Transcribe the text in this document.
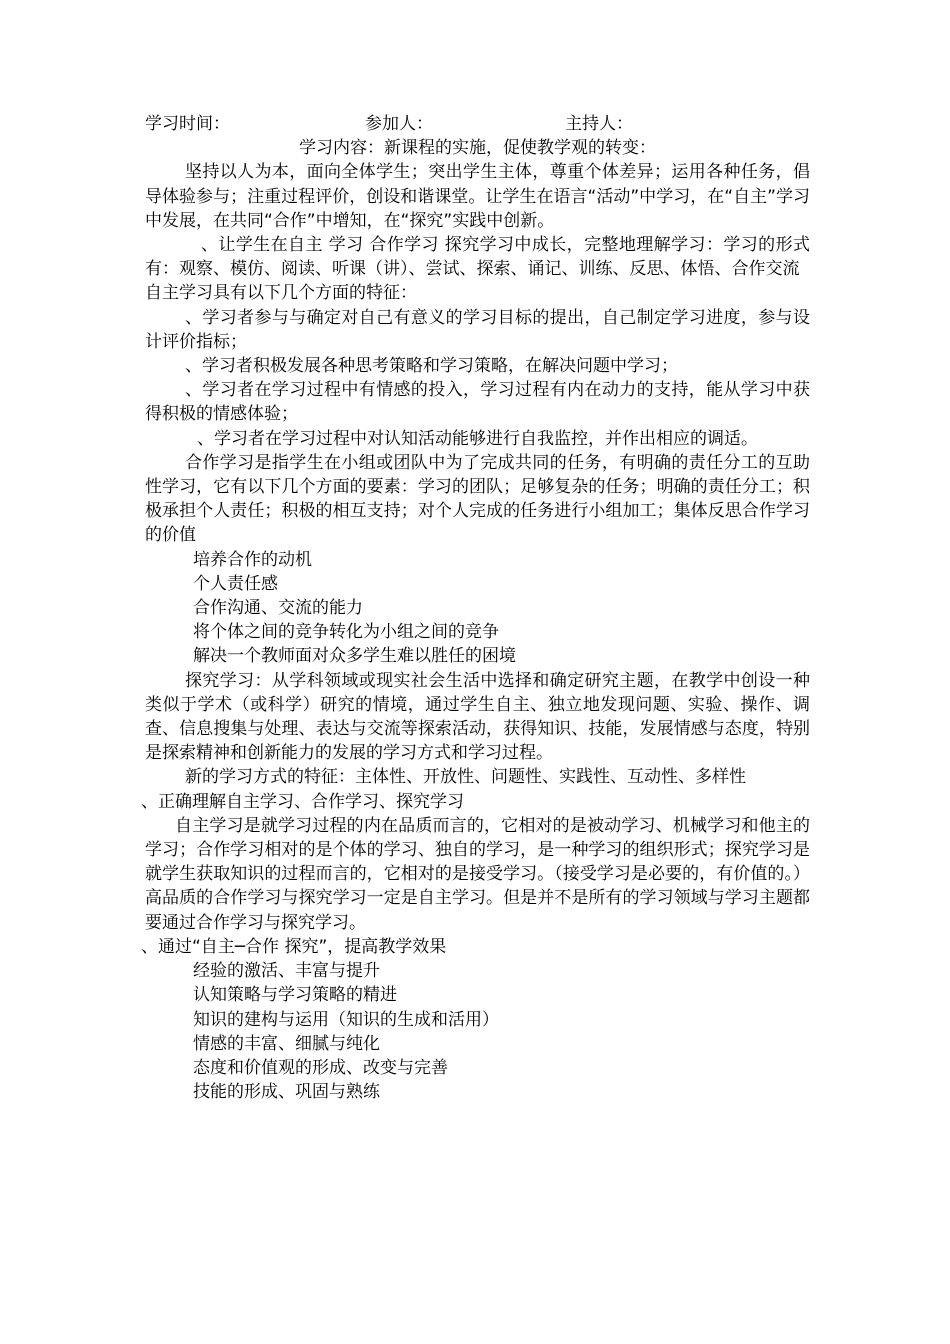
学习时间：	参加人：	主持人：

学习内容：新课程的实施，促使教学观的转变：

坚持以人为本，面向全体学生；突出学生主体，尊重个体差异；运用各种任务，倡导体验参与；注重过程评价，创设和谐课堂。让学生在语言“活动”中学习，在“自主”学习中发展，在共同“合作”中增知，在“探究”实践中创新。

、让学生在自主 学习 合作学习 探究学习中成长，完整地理解学习：学习的形式有：观察、模仿、阅读、听课（讲）、尝试、探索、诵记、训练、反思、体悟、合作交流

自主学习具有以下几个方面的特征：

、学习者参与与确定对自己有意义的学习目标的提出，自己制定学习进度，参与设计评价指标；

、学习者积极发展各种思考策略和学习策略，在解决问题中学习；

、学习者在学习过程中有情感的投入，学习过程有内在动力的支持，能从学习中获得积极的情感体验；

、学习者在学习过程中对认知活动能够进行自我监控，并作出相应的调适。

合作学习是指学生在小组或团队中为了完成共同的任务，有明确的责任分工的互助性学习，它有以下几个方面的要素：学习的团队；足够复杂的任务；明确的责任分工；积极承担个人责任；积极的相互支持；对个人完成的任务进行小组加工；集体反思合作学习的价值

培养合作的动机

个人责任感

合作沟通、交流的能力

将个体之间的竞争转化为小组之间的竞争

解决一个教师面对众多学生难以胜任的困境

探究学习：从学科领域或现实社会生活中选择和确定研究主题，在教学中创设一种类似于学术（或科学）研究的情境，通过学生自主、独立地发现问题、实验、操作、调查、信息搜集与处理、表达与交流等探索活动，获得知识、技能，发展情感与态度，特别是探索精神和创新能力的发展的学习方式和学习过程。

新的学习方式的特征：主体性、开放性、问题性、实践性、互动性、多样性

、正确理解自主学习、合作学习、探究学习

自主学习是就学习过程的内在品质而言的，它相对的是被动学习、机械学习和他主的学习；合作学习相对的是个体的学习、独自的学习，是一种学习的组织形式；探究学习是就学生获取知识的过程而言的，它相对的是接受学习。（接受学习是必要的，有价值的。）高品质的合作学习与探究学习一定是自主学习。但是并不是所有的学习领域与学习主题都要通过合作学习与探究学习。

、通过“自主─合作 探究”，提高教学效果

经验的激活、丰富与提升

认知策略与学习策略的精进

知识的建构与运用（知识的生成和活用）

情感的丰富、细腻与纯化

态度和价值观的形成、改变与完善

技能的形成、巩固与熟练
